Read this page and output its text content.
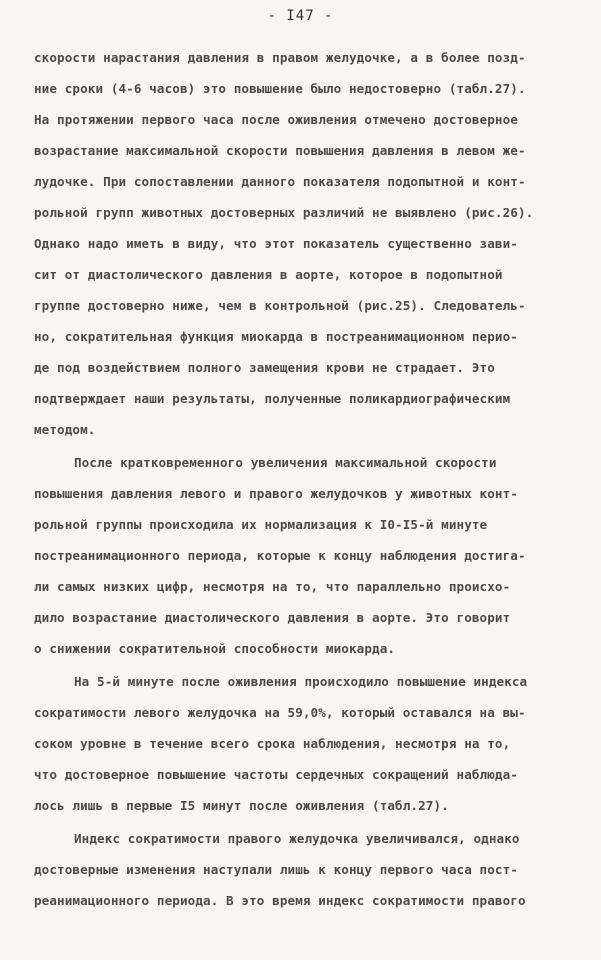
- I47 -
скорости нарастания давления в правом желудочке, а в более позд-
ние сроки (4-6 часов) это повышение было недостоверно (табл.27).
На протяжении первого часа после оживления отмечено достоверное
возрастание максимальной скорости повышения давления в левом же-
лудочке. При сопоставлении данного показателя подопытной и конт-
рольной групп животных достоверных различий не выявлено (рис.26).
Однако надо иметь в виду, что этот показатель существенно зави-
сит от диастолического давления в аорте, которое в подопытной
группе достоверно ниже, чем в контрольной (рис.25). Следователь-
но, сократительная функция миокарда в постреанимационном перио-
де под воздействием полного замещения крови не страдает. Это
подтверждает наши результаты, полученные поликардиографическим
методом.
После кратковременного увеличения максимальной скорости
повышения давления левого и правого желудочков у животных конт-
рольной группы происходила их нормализация к I0-I5-й минуте
постреанимационного периода, которые к концу наблюдения достига-
ли самых низких цифр, несмотря на то, что параллельно происхо-
дило возрастание диастолического давления в аорте. Это говорит
о снижении сократительной способности миокарда.
На 5-й минуте после оживления происходило повышение индекса
сократимости левого желудочка на 59,0%, который оставался на вы-
соком уровне в течение всего срока наблюдения, несмотря на то,
что достоверное повышение частоты сердечных сокращений наблюда-
лось лишь в первые I5 минут после оживления (табл.27).
Индекс сократимости правого желудочка увеличивался, однако
достоверные изменения наступали лишь к концу первого часа пост-
реанимационного периода. В это время индекс сократимости правого
